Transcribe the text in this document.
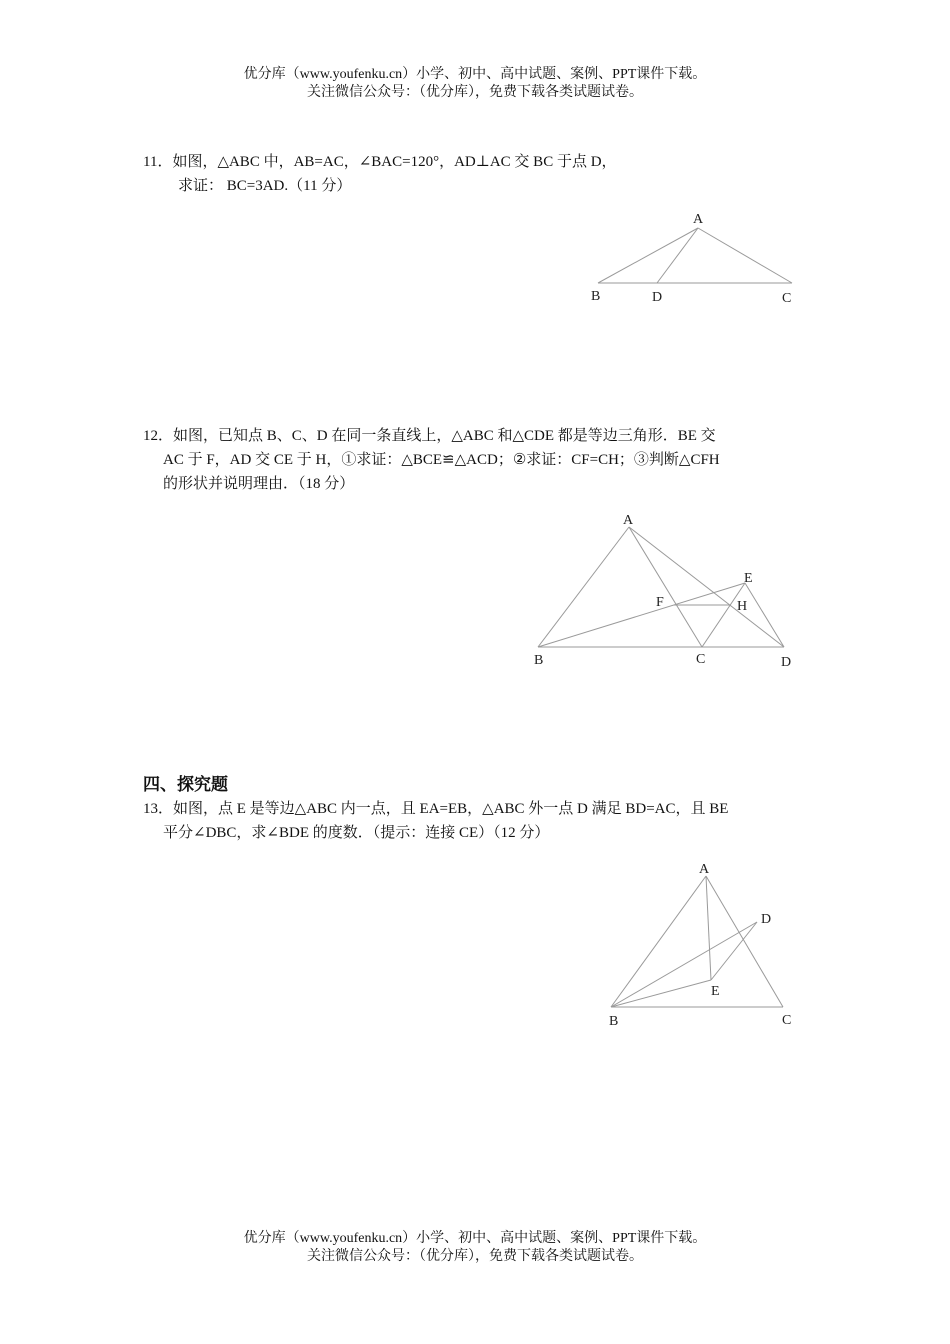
优分库（www.youfenku.cn）小学、初中、高中试题、案例、PPT课件下载。
关注微信公众号：（优分库），免费下载各类试题试卷。
11．如图，△ABC 中，AB=AC，∠BAC=120°，AD⊥AC 交 BC 于点 D，
求证： BC=3AD.（11 分）
A
B	D	C
A
B	C	D
E
F	H
A
B	C
D
E
12．如图，已知点 B、C、D 在同一条直线上，△ABC 和△CDE 都是等边三角形．BE 交
AC 于 F，AD 交 CE 于 H，①求证：△BCE≌△ACD；②求证：CF=CH；③判断△CFH
的形状并说明理由．（18 分）
四、探究题
13．如图，点 E 是等边△ABC 内一点，且 EA=EB，△ABC 外一点 D 满足 BD=AC，且 BE
平分∠DBC，求∠BDE 的度数．（提示：连接 CE）（12 分）
优分库（www.youfenku.cn）小学、初中、高中试题、案例、PPT课件下载。
关注微信公众号：（优分库），免费下载各类试题试卷。
